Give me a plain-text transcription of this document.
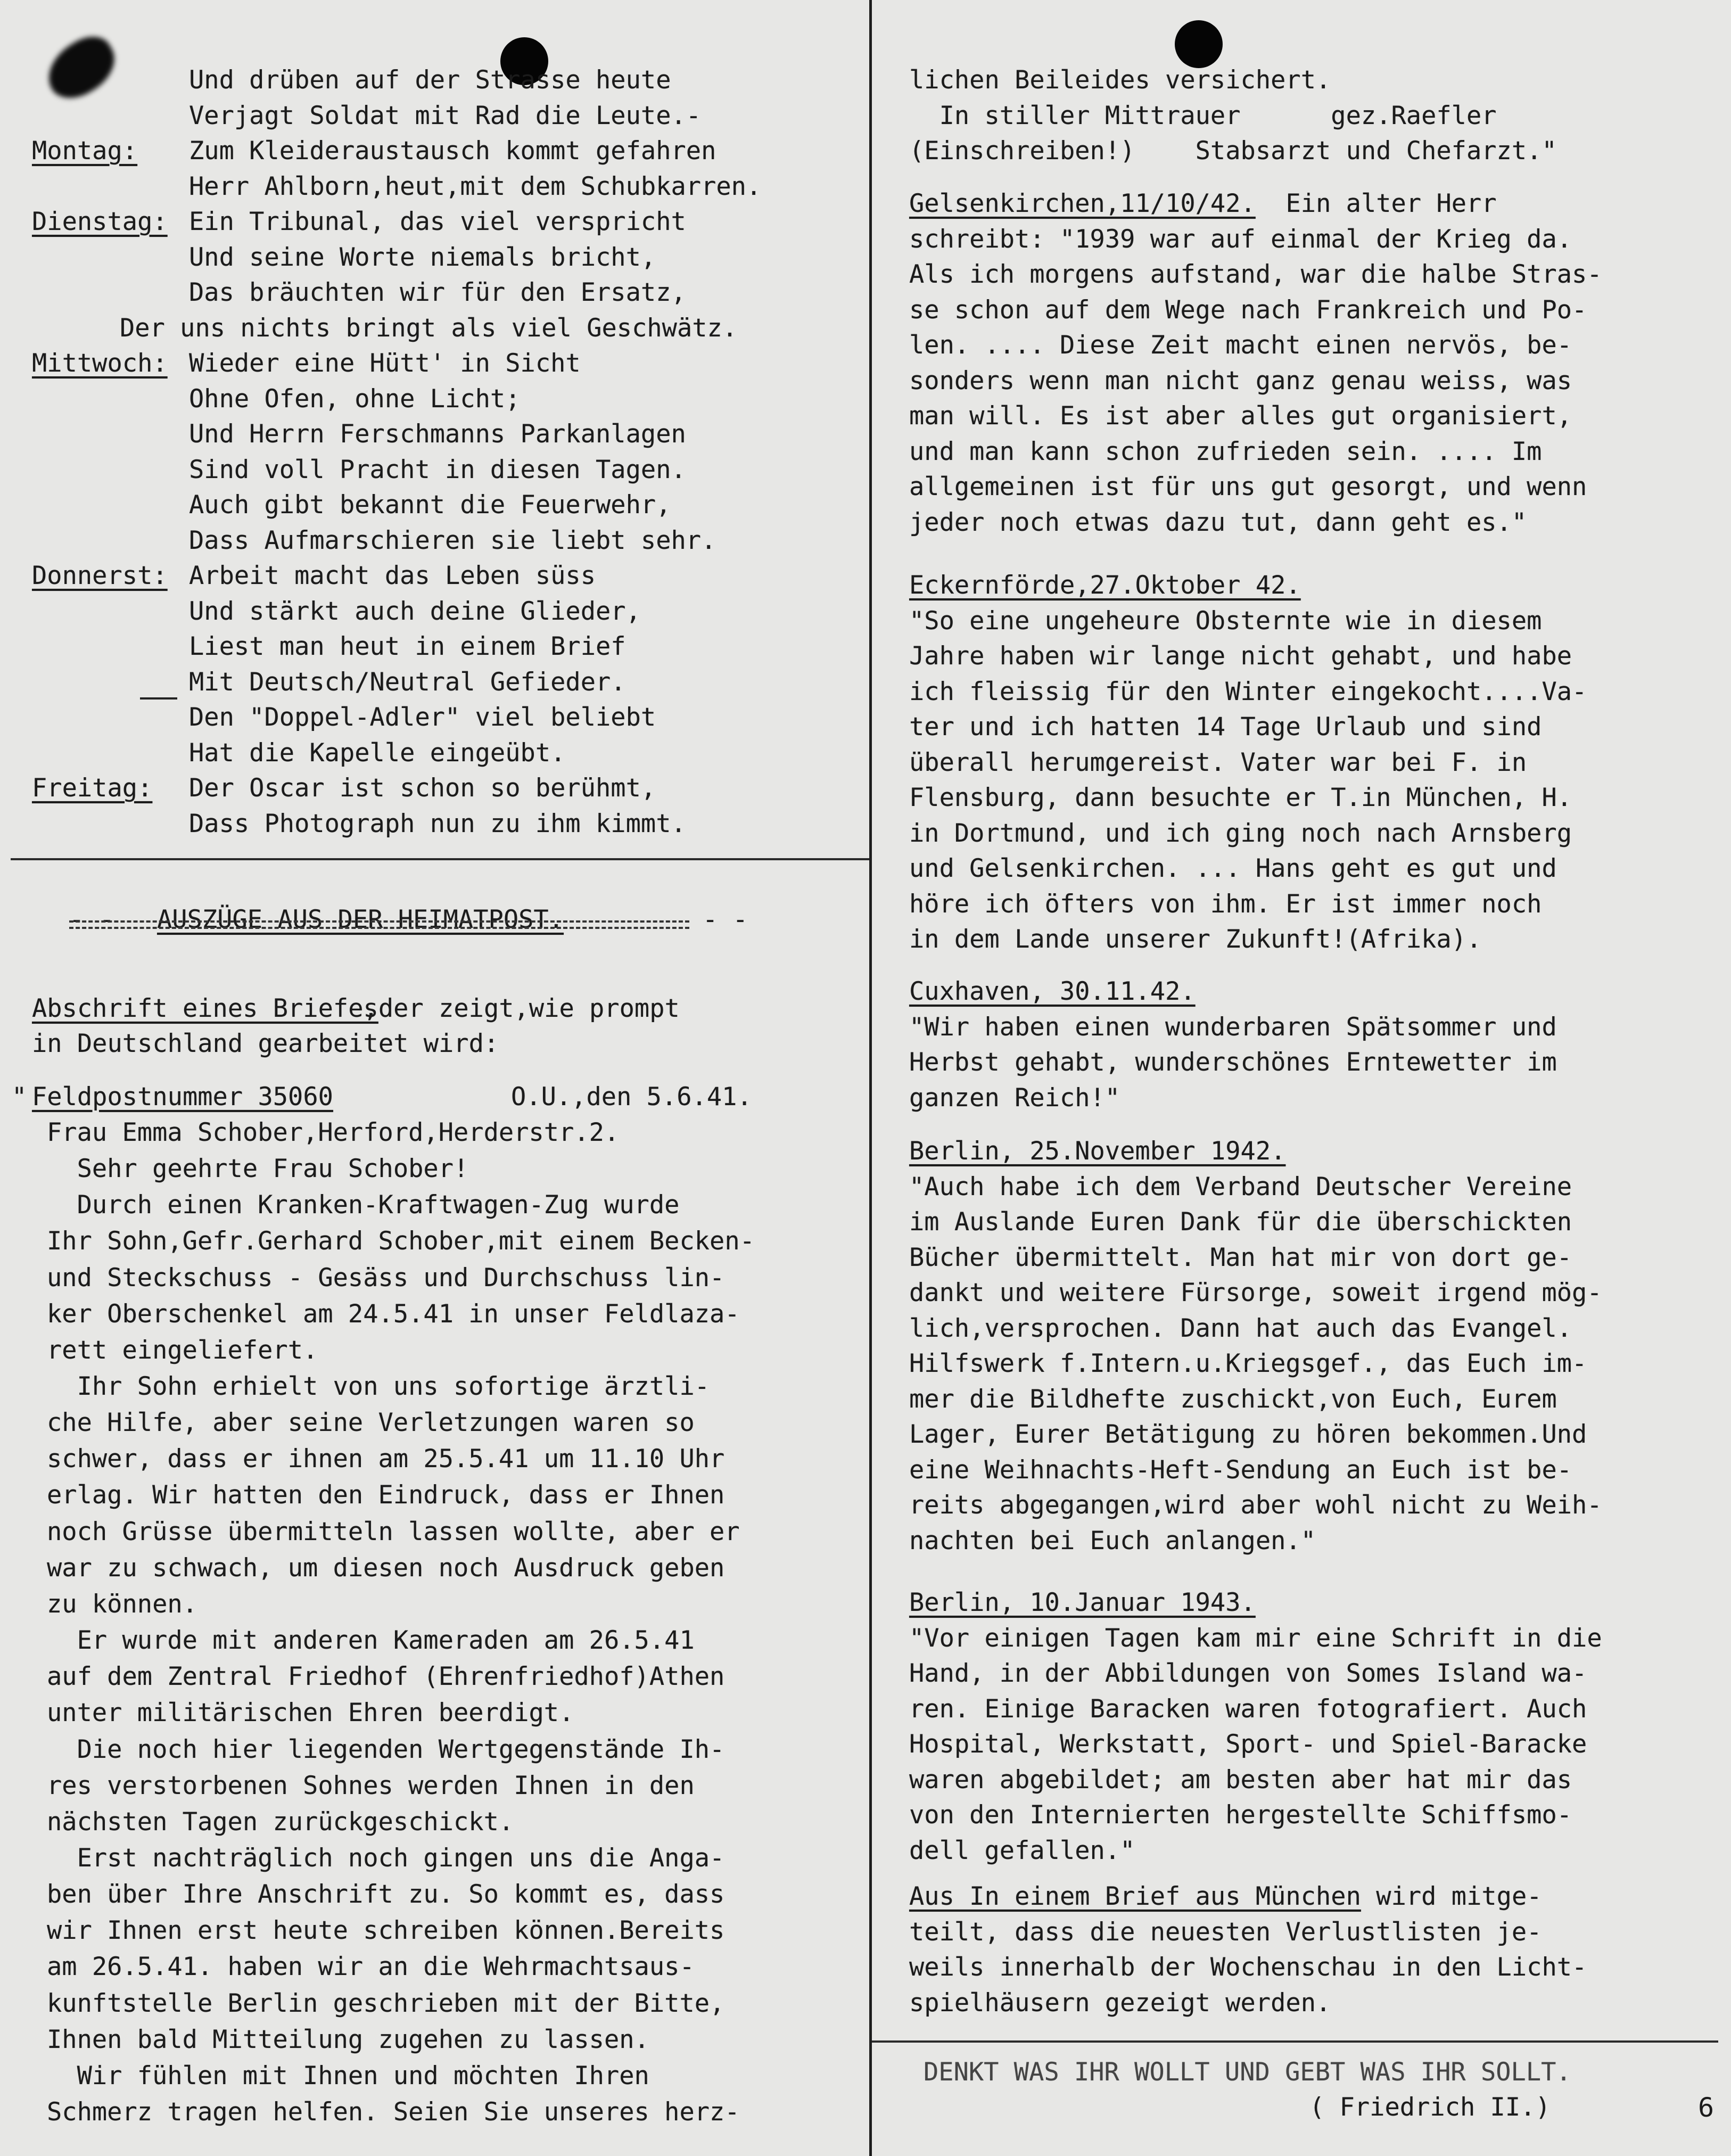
Und drüben auf der Strasse heute
Verjagt Soldat mit Rad die Leute.-
Montag: Zum Kleideraustausch kommt gefahren
Herr Ahlborn,heut,mit dem Schubkarren.
Dienstag: Ein Tribunal, das viel verspricht
Und seine Worte niemals bricht,
Das bräuchten wir für den Ersatz,
Der uns nichts bringt als viel Geschwätz.
Mittwoch: Wieder eine Hütt' in Sicht
Ohne Ofen, ohne Licht;
Und Herrn Ferschmanns Parkanlagen
Sind voll Pracht in diesen Tagen.
Auch gibt bekannt die Feuerwehr,
Dass Aufmarschieren sie liebt sehr.
Donnerst: Arbeit macht das Leben süss
Und stärkt auch deine Glieder,
Liest man heut in einem Brief
Mit Deutsch/Neutral Gefieder.
Den "Doppel-Adler" viel beliebt
Hat die Kapelle eingeübt.
Freitag: Der Oscar ist schon so berühmt,
Dass Photograph nun zu ihm kimmt.
- - AUSZÜGE AUS DER HEIMATPOST.	- -
Abschrift eines Briefes
,der zeigt,wie prompt
in Deutschland gearbeitet wird:
" Feldpostnummer 35060	O.U.,den 5.6.41.
Frau Emma Schober,Herford,Herderstr.2.
Sehr geehrte Frau Schober!
Durch einen Kranken-Kraftwagen-Zug wurde
Ihr Sohn,Gefr.Gerhard Schober,mit einem Becken-
und Steckschuss - Gesäss und Durchschuss lin-
ker Oberschenkel am 24.5.41 in unser Feldlaza-
rett eingeliefert.
Ihr Sohn erhielt von uns sofortige ärztli-
che Hilfe, aber seine Verletzungen waren so
schwer, dass er ihnen am 25.5.41 um 11.10 Uhr
erlag. Wir hatten den Eindruck, dass er Ihnen
noch Grüsse übermitteln lassen wollte, aber er
war zu schwach, um diesen noch Ausdruck geben
zu können.
Er wurde mit anderen Kameraden am 26.5.41
auf dem Zentral Friedhof (Ehrenfriedhof)Athen
unter militärischen Ehren beerdigt.
Die noch hier liegenden Wertgegenstände Ih-
res verstorbenen Sohnes werden Ihnen in den
nächsten Tagen zurückgeschickt.
Erst nachträglich noch gingen uns die Anga-
ben über Ihre Anschrift zu. So kommt es, dass
wir Ihnen erst heute schreiben können.Bereits
am 26.5.41. haben wir an die Wehrmachtsaus-
kunftstelle Berlin geschrieben mit der Bitte,
Ihnen bald Mitteilung zugehen zu lassen.
Wir fühlen mit Ihnen und möchten Ihren
Schmerz tragen helfen. Seien Sie unseres herz-
lichen Beileides versichert.
In stiller Mittrauer      gez.Raefler
(Einschreiben!)    Stabsarzt und Chefarzt."
Gelsenkirchen,11/10/42. Ein alter Herr
schreibt: "1939 war auf einmal der Krieg da.
Als ich morgens aufstand, war die halbe Stras-
se schon auf dem Wege nach Frankreich und Po-
len. .... Diese Zeit macht einen nervös, be-
sonders wenn man nicht ganz genau weiss, was
man will. Es ist aber alles gut organisiert,
und man kann schon zufrieden sein. .... Im
allgemeinen ist für uns gut gesorgt, und wenn
jeder noch etwas dazu tut, dann geht es."
Eckernförde,27.Oktober 42.
"So eine ungeheure Obsternte wie in diesem
Jahre haben wir lange nicht gehabt, und habe
ich fleissig für den Winter eingekocht....Va-
ter und ich hatten 14 Tage Urlaub und sind
überall herumgereist. Vater war bei F. in
Flensburg, dann besuchte er T.in München, H.
in Dortmund, und ich ging noch nach Arnsberg
und Gelsenkirchen. ... Hans geht es gut und
höre ich öfters von ihm. Er ist immer noch
in dem Lande unserer Zukunft!(Afrika).
Cuxhaven, 30.11.42.
"Wir haben einen wunderbaren Spätsommer und
Herbst gehabt, wunderschönes Erntewetter im
ganzen Reich!"
Berlin, 25.November 1942.
"Auch habe ich dem Verband Deutscher Vereine
im Auslande Euren Dank für die überschickten
Bücher übermittelt. Man hat mir von dort ge-
dankt und weitere Fürsorge, soweit irgend mög-
lich,versprochen. Dann hat auch das Evangel.
Hilfswerk f.Intern.u.Kriegsgef., das Euch im-
mer die Bildhefte zuschickt,von Euch, Eurem
Lager, Eurer Betätigung zu hören bekommen.Und
eine Weihnachts-Heft-Sendung an Euch ist be-
reits abgegangen,wird aber wohl nicht zu Weih-
nachten bei Euch anlangen."
Berlin, 10.Januar 1943.
"Vor einigen Tagen kam mir eine Schrift in die
Hand, in der Abbildungen von Somes Island wa-
ren. Einige Baracken waren fotografiert. Auch
Hospital, Werkstatt, Sport- und Spiel-Baracke
waren abgebildet; am besten aber hat mir das
von den Internierten hergestellte Schiffsmo-
dell gefallen."
Aus In einem Brief aus München wird mitge-
teilt, dass die neuesten Verlustlisten je-
weils innerhalb der Wochenschau in den Licht-
spielhäusern gezeigt werden.
DENKT WAS IHR WOLLT UND GEBT WAS IHR SOLLT.
( Friedrich II.)	6
